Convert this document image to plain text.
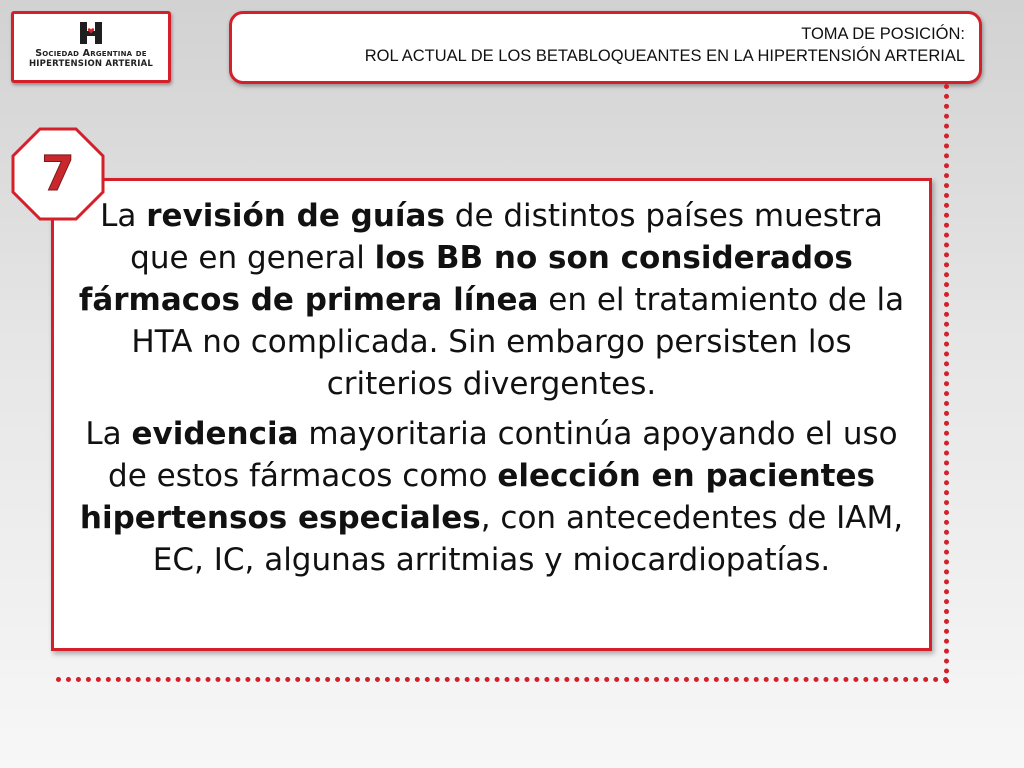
Sociedad Argentina de
HIPERTENSION ARTERIAL
TOMA DE POSICIÓN:
ROL ACTUAL DE LOS BETABLOQUEANTES EN LA HIPERTENSIÓN ARTERIAL

La revisión de guías de distintos países muestra que en general los BB no son considerados fármacos de primera línea en el tratamiento de la HTA no complicada. Sin embargo persisten los criterios divergentes.

La evidencia mayoritaria continúa apoyando el uso de estos fármacos como elección en pacientes hipertensos especiales, con antecedentes de IAM, EC, IC, algunas arritmias y miocardiopatías.

7
